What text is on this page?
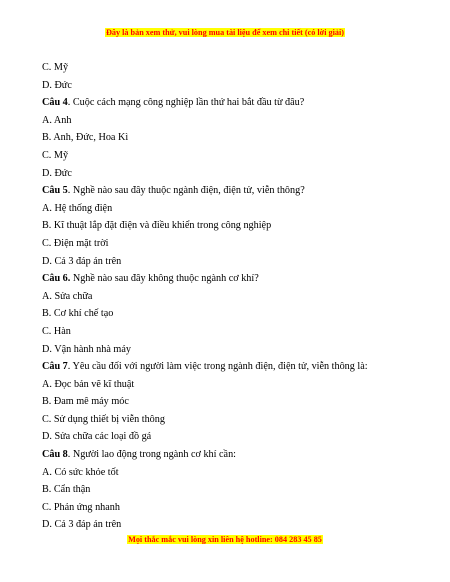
Đây là bản xem thử, vui lòng mua tài liệu để xem chi tiết (có lời giải)
C. Mỹ
D. Đức
Câu 4. Cuộc cách mạng công nghiệp lần thứ hai bắt đầu từ đâu?
A. Anh
B. Anh, Đức, Hoa Kì
C. Mỹ
D. Đức
Câu 5. Nghề nào sau đây thuộc ngành điện, điện tử, viễn thông?
A. Hệ thống điện
B. Kĩ thuật lắp đặt điện và điều khiển trong công nghiệp
C. Điện mặt trời
D. Cả 3 đáp án trên
Câu 6. Nghề nào sau đây không thuộc ngành cơ khí?
A. Sửa chữa
B. Cơ khí chế tạo
C. Hàn
D. Vận hành nhà máy
Câu 7. Yêu cầu đối với người làm việc trong ngành điện, điện tử, viễn thông là:
A. Đọc bản vẽ kĩ thuật
B. Đam mê máy móc
C. Sử dụng thiết bị viễn thông
D. Sửa chữa các loại đồ gá
Câu 8. Người lao động trong ngành cơ khí cần:
A. Có sức khỏe tốt
B. Cẩn thận
C. Phản ứng nhanh
D. Cả 3 đáp án trên
Mọi thắc mắc vui lòng xin liên hệ hotline: 084 283 45 85
